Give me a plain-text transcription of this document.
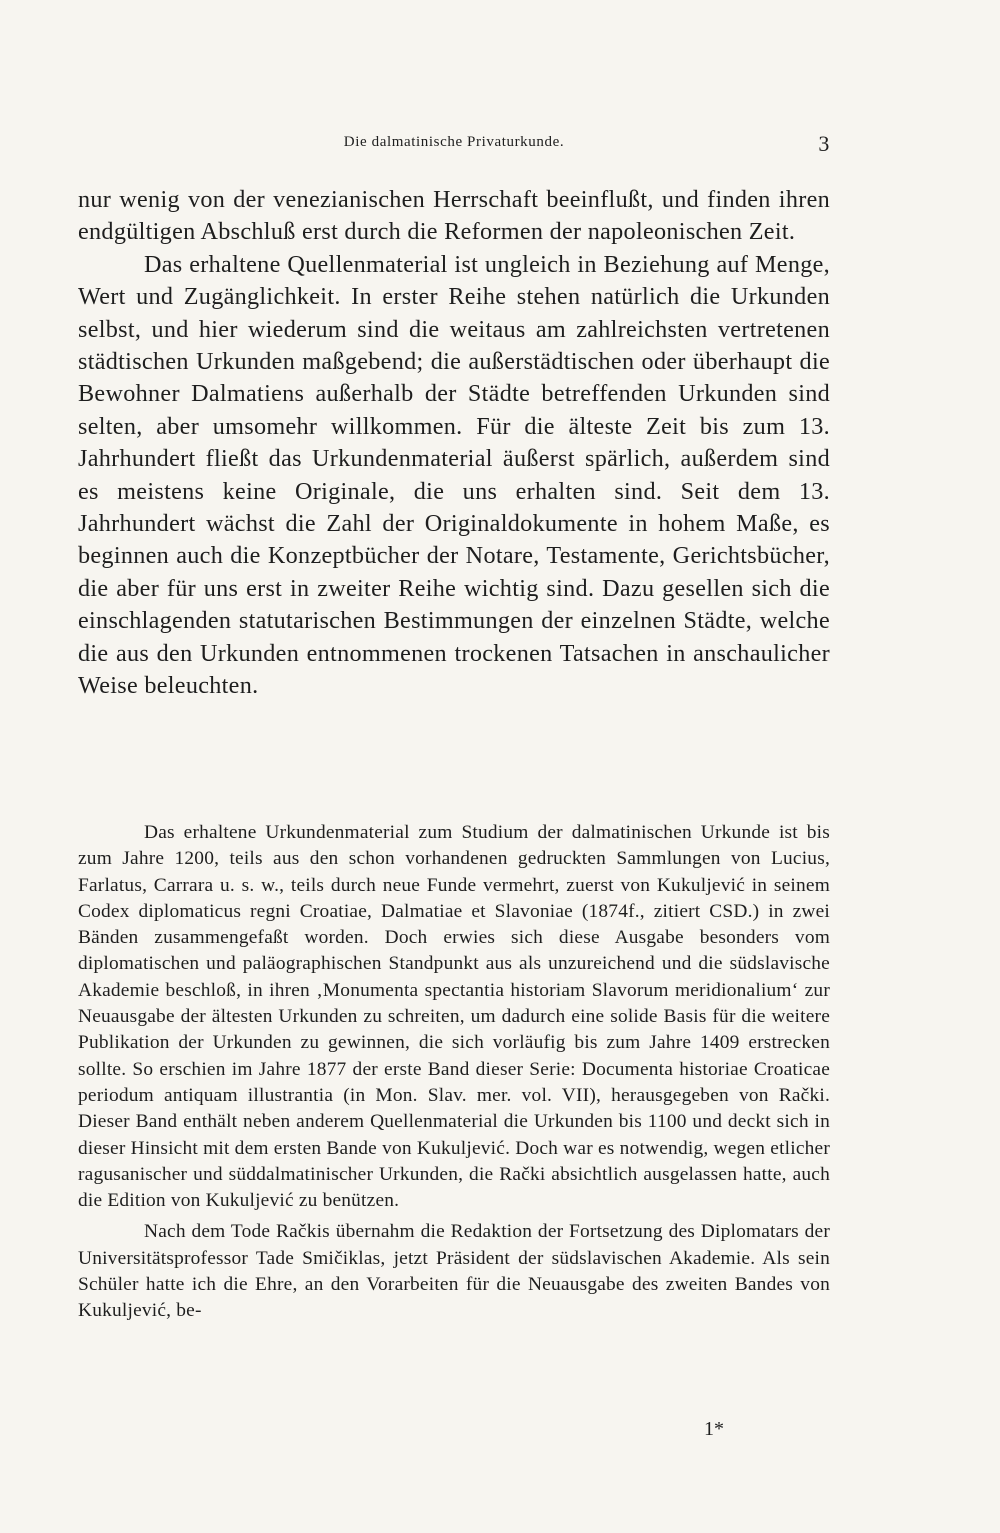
Die dalmatinische Privaturkunde.	3

nur wenig von der venezianischen Herrschaft beeinflußt, und finden ihren endgültigen Abschluß erst durch die Reformen der napoleonischen Zeit.

Das erhaltene Quellenmaterial ist ungleich in Beziehung auf Menge, Wert und Zugänglichkeit. In erster Reihe stehen natürlich die Urkunden selbst, und hier wiederum sind die weitaus am zahlreichsten vertretenen städtischen Urkunden maßgebend; die außerstädtischen oder überhaupt die Bewohner Dalmatiens außerhalb der Städte betreffenden Urkunden sind selten, aber umsomehr willkommen. Für die älteste Zeit bis zum 13. Jahrhundert fließt das Urkundenmaterial äußerst spärlich, außerdem sind es meistens keine Originale, die uns erhalten sind. Seit dem 13. Jahrhundert wächst die Zahl der Originaldokumente in hohem Maße, es beginnen auch die Konzeptbücher der Notare, Testamente, Gerichtsbücher, die aber für uns erst in zweiter Reihe wichtig sind. Dazu gesellen sich die einschlagenden statutarischen Bestimmungen der einzelnen Städte, welche die aus den Urkunden entnommenen trockenen Tatsachen in anschaulicher Weise beleuchten.

Das erhaltene Urkundenmaterial zum Studium der dalmatinischen Urkunde ist bis zum Jahre 1200, teils aus den schon vorhandenen gedruckten Sammlungen von Lucius, Farlatus, Carrara u. s. w., teils durch neue Funde vermehrt, zuerst von Kukuljević in seinem Codex diplomaticus regni Croatiae, Dalmatiae et Slavoniae (1874f., zitiert CSD.) in zwei Bänden zusammengefaßt worden. Doch erwies sich diese Ausgabe besonders vom diplomatischen und paläographischen Standpunkt aus als unzureichend und die südslavische Akademie beschloß, in ihren ‚Monumenta spectantia historiam Slavorum meridionalium‘ zur Neuausgabe der ältesten Urkunden zu schreiten, um dadurch eine solide Basis für die weitere Publikation der Urkunden zu gewinnen, die sich vorläufig bis zum Jahre 1409 erstrecken sollte. So erschien im Jahre 1877 der erste Band dieser Serie: Documenta historiae Croaticae periodum antiquam illustrantia (in Mon. Slav. mer. vol. VII), herausgegeben von Rački. Dieser Band enthält neben anderem Quellenmaterial die Urkunden bis 1100 und deckt sich in dieser Hinsicht mit dem ersten Bande von Kukuljević. Doch war es notwendig, wegen etlicher ragusanischer und süddalmatinischer Urkunden, die Rački absichtlich ausgelassen hatte, auch die Edition von Kukuljević zu benützen.

Nach dem Tode Račkis übernahm die Redaktion der Fortsetzung des Diplomatars der Universitätsprofessor Tade Smičiklas, jetzt Präsident der südslavischen Akademie. Als sein Schüler hatte ich die Ehre, an den Vorarbeiten für die Neuausgabe des zweiten Bandes von Kukuljević, be-

1*
